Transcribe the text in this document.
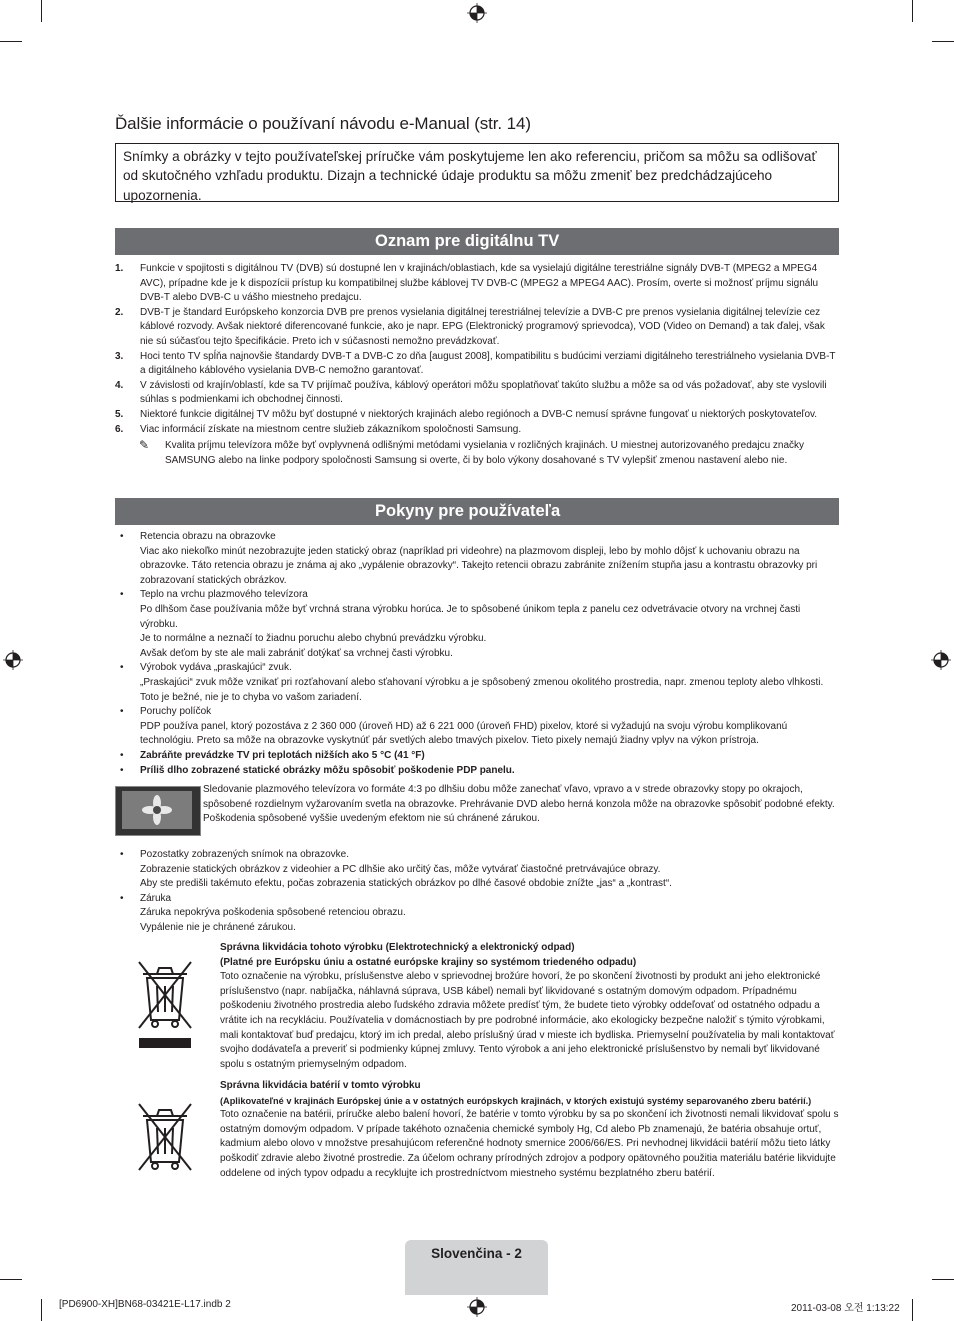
Ďalšie informácie o používaní návodu e-Manual (str. 14)
Snímky a obrázky v tejto používateľskej príručke vám poskytujeme len ako referenciu, pričom sa môžu sa odlišovať od skutočného vzhľadu produktu. Dizajn a technické údaje produktu sa môžu zmeniť bez predchádzajúceho upozornenia.
Oznam pre digitálnu TV
1. Funkcie v spojitosti s digitálnou TV (DVB) sú dostupné len v krajinách/oblastiach, kde sa vysielajú digitálne terestriálne signály DVB-T (MPEG2 a MPEG4 AVC), prípadne kde je k dispozícii prístup ku kompatibilnej službe káblovej TV DVB-C (MPEG2 a MPEG4 AAC). Prosím, overte si možnosť príjmu signálu DVB-T alebo DVB-C u vášho miestneho predajcu.
2. DVB-T je štandard Európskeho konzorcia DVB pre prenos vysielania digitálnej terestriálnej televízie a DVB-C pre prenos vysielania digitálnej televízie cez káblové rozvody. Avšak niektoré diferencované funkcie, ako je napr. EPG (Elektronický programový sprievodca), VOD (Video on Demand) a tak ďalej, však nie sú súčasťou tejto špecifikácie. Preto ich v súčasnosti nemožno prevádzkovať.
3. Hoci tento TV spĺňa najnovšie štandardy DVB-T a DVB-C zo dňa [august 2008], kompatibilitu s budúcimi verziami digitálneho terestriálneho vysielania DVB-T a digitálneho káblového vysielania DVB-C nemožno garantovať.
4. V závislosti od krajín/oblastí, kde sa TV prijímač používa, káblový operátori môžu spoplatňovať takúto službu a môže sa od vás požadovať, aby ste vyslovili súhlas s podmienkami ich obchodnej činnosti.
5. Niektoré funkcie digitálnej TV môžu byť dostupné v niektorých krajinách alebo regiónoch a DVB-C nemusí správne fungovať u niektorých poskytovateľov.
6. Viac informácií získate na miestnom centre služieb zákazníkom spoločnosti Samsung.
✎ Kvalita príjmu televízora môže byť ovplyvnená odlišnými metódami vysielania v rozličných krajinách. U miestnej autorizovaného predajcu značky SAMSUNG alebo na linke podpory spoločnosti Samsung si overte, či by bolo výkony dosahované s TV vylepšiť zmenou nastavení alebo nie.
Pokyny pre používateľa
• Retencia obrazu na obrazovke
Viac ako niekoľko minút nezobrazujte jeden statický obraz (napríklad pri videohre) na plazmovom displeji, lebo by mohlo dôjsť k uchovaniu obrazu na obrazovke. Táto retencia obrazu je známa aj ako „vypálenie obrazovky“. Takejto retencii obrazu zabránite znížením stupňa jasu a kontrastu obrazovky pri zobrazovaní statických obrázkov.
• Teplo na vrchu plazmového televízora
Po dlhšom čase používania môže byť vrchná strana výrobku horúca. Je to spôsobené únikom tepla z panelu cez odvetrávacie otvory na vrchnej časti výrobku.
Je to normálne a neznačí to žiadnu poruchu alebo chybnú prevádzku výrobku.
Avšak deťom by ste ale mali zabrániť dotýkať sa vrchnej časti výrobku.
• Výrobok vydáva „praskajúci“ zvuk.
„Praskajúci“ zvuk môže vznikať pri rozťahovaní alebo sťahovaní výrobku a je spôsobený zmenou okolitého prostredia, napr. zmenou teploty alebo vlhkosti. Toto je bežné, nie je to chyba vo vašom zariadení.
• Poruchy políčok
PDP používa panel, ktorý pozostáva z 2 360 000 (úroveň HD) až 6 221 000 (úroveň FHD) pixelov, ktoré si vyžadujú na svoju výrobu komplikovanú technológiu. Preto sa môže na obrazovke vyskytnúť pár svetlých alebo tmavých pixelov. Tieto pixely nemajú žiadny vplyv na výkon prístroja.
• Zabráňte prevádzke TV pri teplotách nižších ako 5 °C (41 °F)
• Príliš dlho zobrazené statické obrázky môžu spôsobiť poškodenie PDP panelu.
Sledovanie plazmového televízora vo formáte 4:3 po dlhšiu dobu môže zanechať vľavo, vpravo a v strede obrazovky stopy po okrajoch, spôsobené rozdielnym vyžarovaním svetla na obrazovke. Prehrávanie DVD alebo herná konzola môže na obrazovke spôsobiť podobné efekty.
Poškodenia spôsobené vyššie uvedeným efektom nie sú chránené zárukou.
• Pozostatky zobrazených snímok na obrazovke.
Zobrazenie statických obrázkov z videohier a PC dlhšie ako určitý čas, môže vytvárať čiastočné pretrvávajúce obrazy.
Aby ste predišli takémuto efektu, počas zobrazenia statických obrázkov po dlhé časové obdobie znížte „jas“ a „kontrast“.
• Záruka
Záruka nepokrýva poškodenia spôsobené retenciou obrazu.
Vypálenie nie je chránené zárukou.
Správna likvidácia tohoto výrobku (Elektrotechnický a elektronický odpad)
(Platné pre Európsku úniu a ostatné európske krajiny so systémom triedeného odpadu)
Toto označenie na výrobku, príslušenstve alebo v sprievodnej brožúre hovorí, že po skončení životnosti by produkt ani jeho elektronické príslušenstvo (napr. nabíjačka, náhlavná súprava, USB kábel) nemali byť likvidované s ostatným domovým odpadom. Prípadnému poškodeniu životného prostredia alebo ľudského zdravia môžete predísť tým, že budete tieto výrobky oddeľovať od ostatného odpadu a vrátite ich na recykláciu. Používatelia v domácnostiach by pre podrobné informácie, ako ekologicky bezpečne naložiť s týmito výrobkami, mali kontaktovať buď predajcu, ktorý im ich predal, alebo príslušný úrad v mieste ich bydliska. Priemyselní používatelia by mali kontaktovať svojho dodávateľa a preveriť si podmienky kúpnej zmluvy. Tento výrobok a ani jeho elektronické príslušenstvo by nemali byť likvidované spolu s ostatným priemyselným odpadom.
Správna likvidácia batérií v tomto výrobku
(Aplikovateľné v krajinách Európskej únie a v ostatných európskych krajinách, v ktorých existujú systémy separovaného zberu batérií.)
Toto označenie na batérii, príručke alebo balení hovorí, že batérie v tomto výrobku by sa po skončení ich životnosti nemali likvidovať spolu s ostatným domovým odpadom. V prípade takéhoto označenia chemické symboly Hg, Cd alebo Pb znamenajú, že batéria obsahuje ortuť, kadmium alebo olovo v množstve presahujúcom referenčné hodnoty smernice 2006/66/ES. Pri nevhodnej likvidácii batérií môžu tieto látky poškodiť zdravie alebo životné prostredie. Za účelom ochrany prírodných zdrojov a podpory opätovného použitia materiálu batérie likvidujte oddelene od iných typov odpadu a recyklujte ich prostredníctvom miestneho systému bezplatného zberu batérií.
Slovenčina - 2
[PD6900-XH]BN68-03421E-L17.indb 2	2011-03-08 오전 1:13:22
